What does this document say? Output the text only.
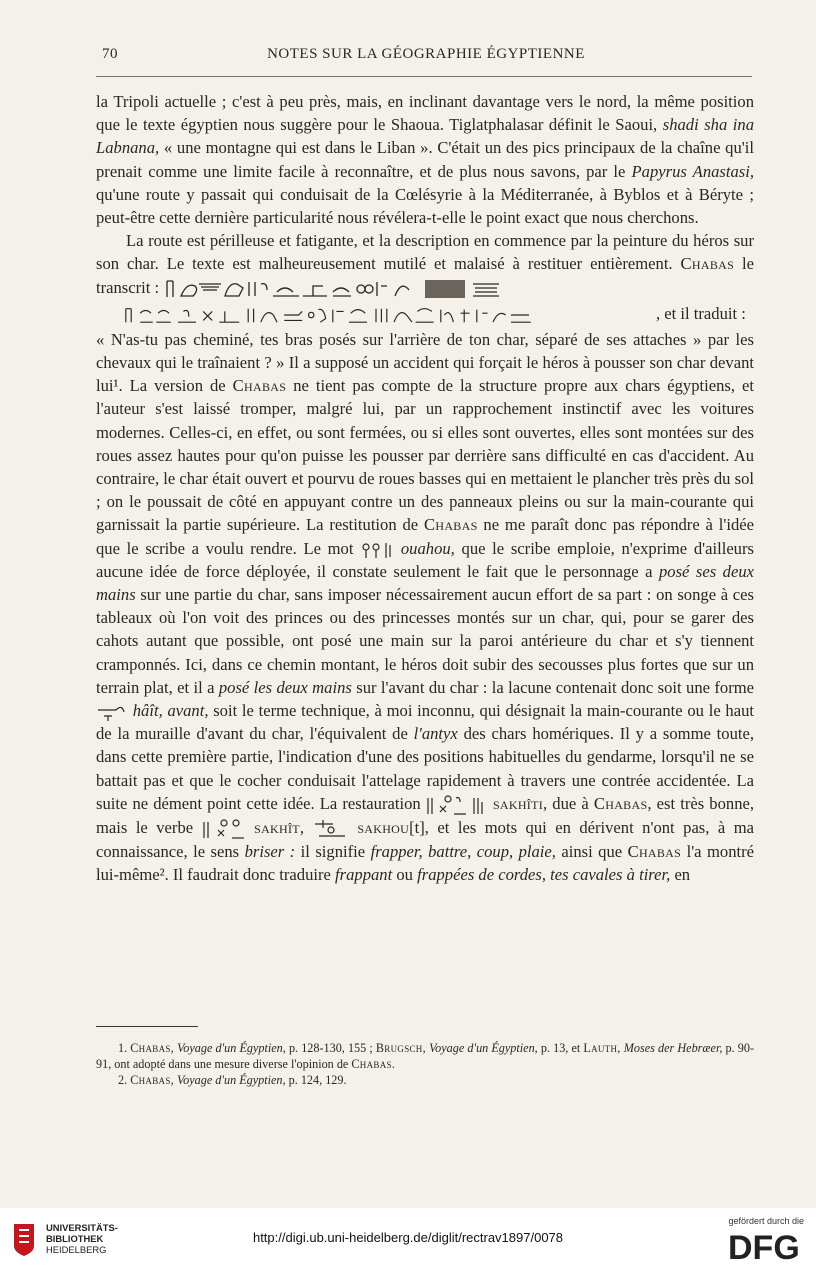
70	NOTES SUR LA GÉOGRAPHIE ÉGYPTIENNE

la Tripoli actuelle ; c'est à peu près, mais, en inclinant davantage vers le nord, la même position que le texte égyptien nous suggère pour le Shaoua. Tiglatphalasar définit le Saoui, shadi sha ina Labnana, « une montagne qui est dans le Liban ». C'était un des pics principaux de la chaîne qu'il prenait comme une limite facile à reconnaître, et de plus nous savons, par le Papyrus Anastasi, qu'une route y passait qui conduisait de la Cœlésyrie à la Méditerranée, à Byblos et à Béryte ; peut-être cette dernière particularité nous révélera-t-elle le point exact que nous cherchons.

La route est périlleuse et fatigante, et la description en commence par la peinture du héros sur son char. Le texte est malheureusement mutilé et malaisé à restituer entièrement. Chabas le transcrit :

, et il traduit :

« N'as-tu pas cheminé, tes bras posés sur l'arrière de ton char, séparé de ses attaches » par les chevaux qui le traînaient ? » Il a supposé un accident qui forçait le héros à pousser son char devant lui¹. La version de Chabas ne tient pas compte de la structure propre aux chars égyptiens, et l'auteur s'est laissé tromper, malgré lui, par un rapprochement instinctif avec les voitures modernes. Celles-ci, en effet, ou sont fermées, ou si elles sont ouvertes, elles sont montées sur des roues assez hautes pour qu'on puisse les pousser par derrière sans difficulté en cas d'accident. Au contraire, le char était ouvert et pourvu de roues basses qui en mettaient le plancher très près du sol ; on le poussait de côté en appuyant contre un des panneaux pleins ou sur la main-courante qui garnissait la partie supérieure. La restitution de Chabas ne me paraît donc pas répondre à l'idée que le scribe a voulu rendre. Le mot	ouahou, que le scribe emploie, n'exprime d'ailleurs aucune idée de force déployée, il constate seulement le fait que le personnage a posé ses deux mains sur une partie du char, sans imposer nécessairement aucun effort de sa part : on songe à ces tableaux où l'on voit des princes ou des princesses montés sur un char, qui, pour se garer des cahots autant que possible, ont posé une main sur la paroi antérieure du char et s'y tiennent cramponnés. Ici, dans ce chemin montant, le héros doit subir des secousses plus fortes que sur un terrain plat, et il a posé les deux mains sur l'avant du char : la lacune contenait donc soit une forme  hâît, avant, soit le terme technique, à moi inconnu, qui désignait la main-courante ou le haut de la muraille d'avant du char, l'équivalent de l'antyx des chars homériques. Il y a somme toute, dans cette première partie, l'indication d'une des positions habituelles du gendarme, lorsqu'il ne se battait pas et que le cocher conduisait l'attelage rapidement à travers une contrée accidentée. La suite ne dément point cette idée. La restauration	sakhîti, due à Chabas, est très bonne, mais le verbe	sakhît,	sakhou[t], et les mots qui en dérivent n'ont pas, à ma connaissance, le sens briser : il signifie frapper, battre, coup, plaie, ainsi que Chabas l'a montré lui-même². Il faudrait donc traduire frappant ou frappées de cordes, tes cavales à tirer, en

1. Chabas, Voyage d'un Égyptien, p. 128-130, 155 ; Brugsch, Voyage d'un Égyptien, p. 13, et Lauth, Moses der Hebræer, p. 90-91, ont adopté dans une mesure diverse l'opinion de Chabas.

2. Chabas, Voyage d'un Égyptien, p. 124, 129.

UNIVERSITÄTS-
BIBLIOTHEK
HEIDELBERG
http://digi.ub.uni-heidelberg.de/diglit/rectrav1897/0078
gefördert durch die
DFG
